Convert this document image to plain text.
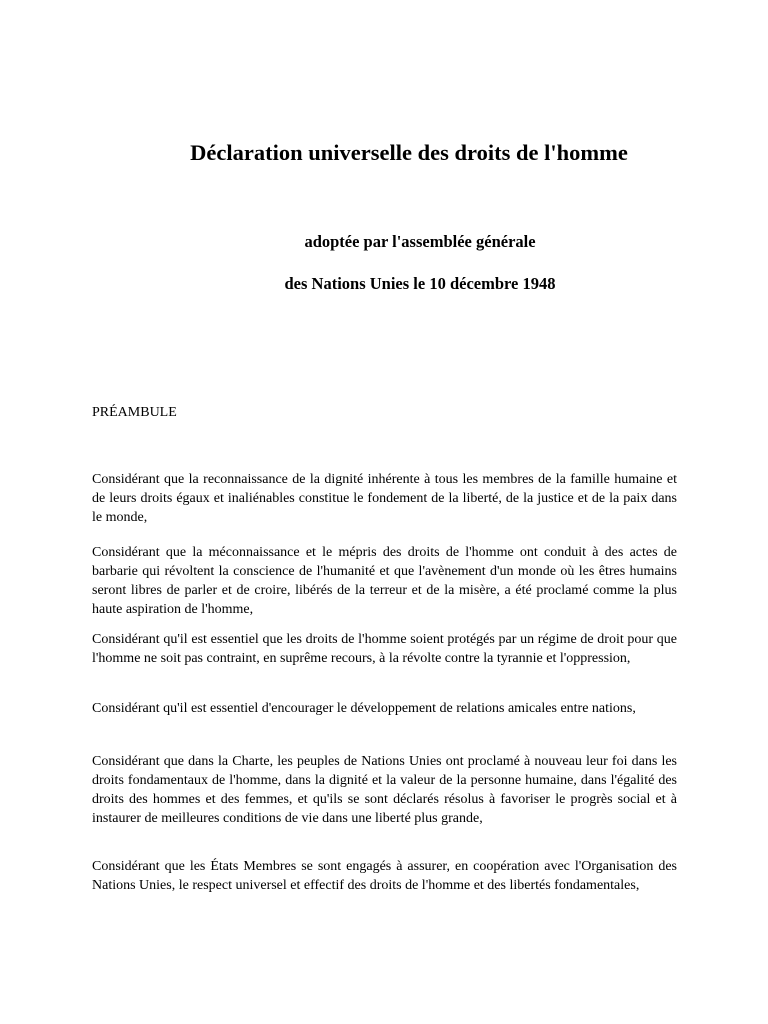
Déclaration universelle des droits de l'homme
adoptée par l'assemblée générale
des Nations Unies le 10 décembre 1948
PRÉAMBULE
Considérant que la reconnaissance de la dignité inhérente à tous les membres de la famille humaine et de leurs droits égaux et inaliénables constitue le fondement de la liberté, de la justice et de la paix dans le monde,
Considérant que la méconnaissance et le mépris des droits de l'homme ont conduit à des actes de barbarie qui révoltent la conscience de l'humanité et que l'avènement d'un monde où les êtres humains seront libres de parler et de croire, libérés de la terreur et de la misère, a été proclamé comme la plus haute aspiration de l'homme,
Considérant qu'il est essentiel que les droits de l'homme soient protégés par un régime de droit pour que l'homme ne soit pas contraint, en suprême recours, à la révolte contre la tyrannie et l'oppression,
Considérant qu'il est essentiel d'encourager le développement de relations amicales entre nations,
Considérant que dans la Charte, les peuples de Nations Unies ont proclamé à nouveau leur foi dans les droits fondamentaux de l'homme, dans la dignité et la valeur de la personne humaine, dans l'égalité des droits des hommes et des femmes, et qu'ils se sont déclarés résolus à favoriser le progrès social et à instaurer de meilleures conditions de vie dans une liberté plus grande,
Considérant que les États Membres se sont engagés à assurer, en coopération avec l'Organisation des Nations Unies, le respect universel et effectif des droits de l'homme et des libertés fondamentales,
